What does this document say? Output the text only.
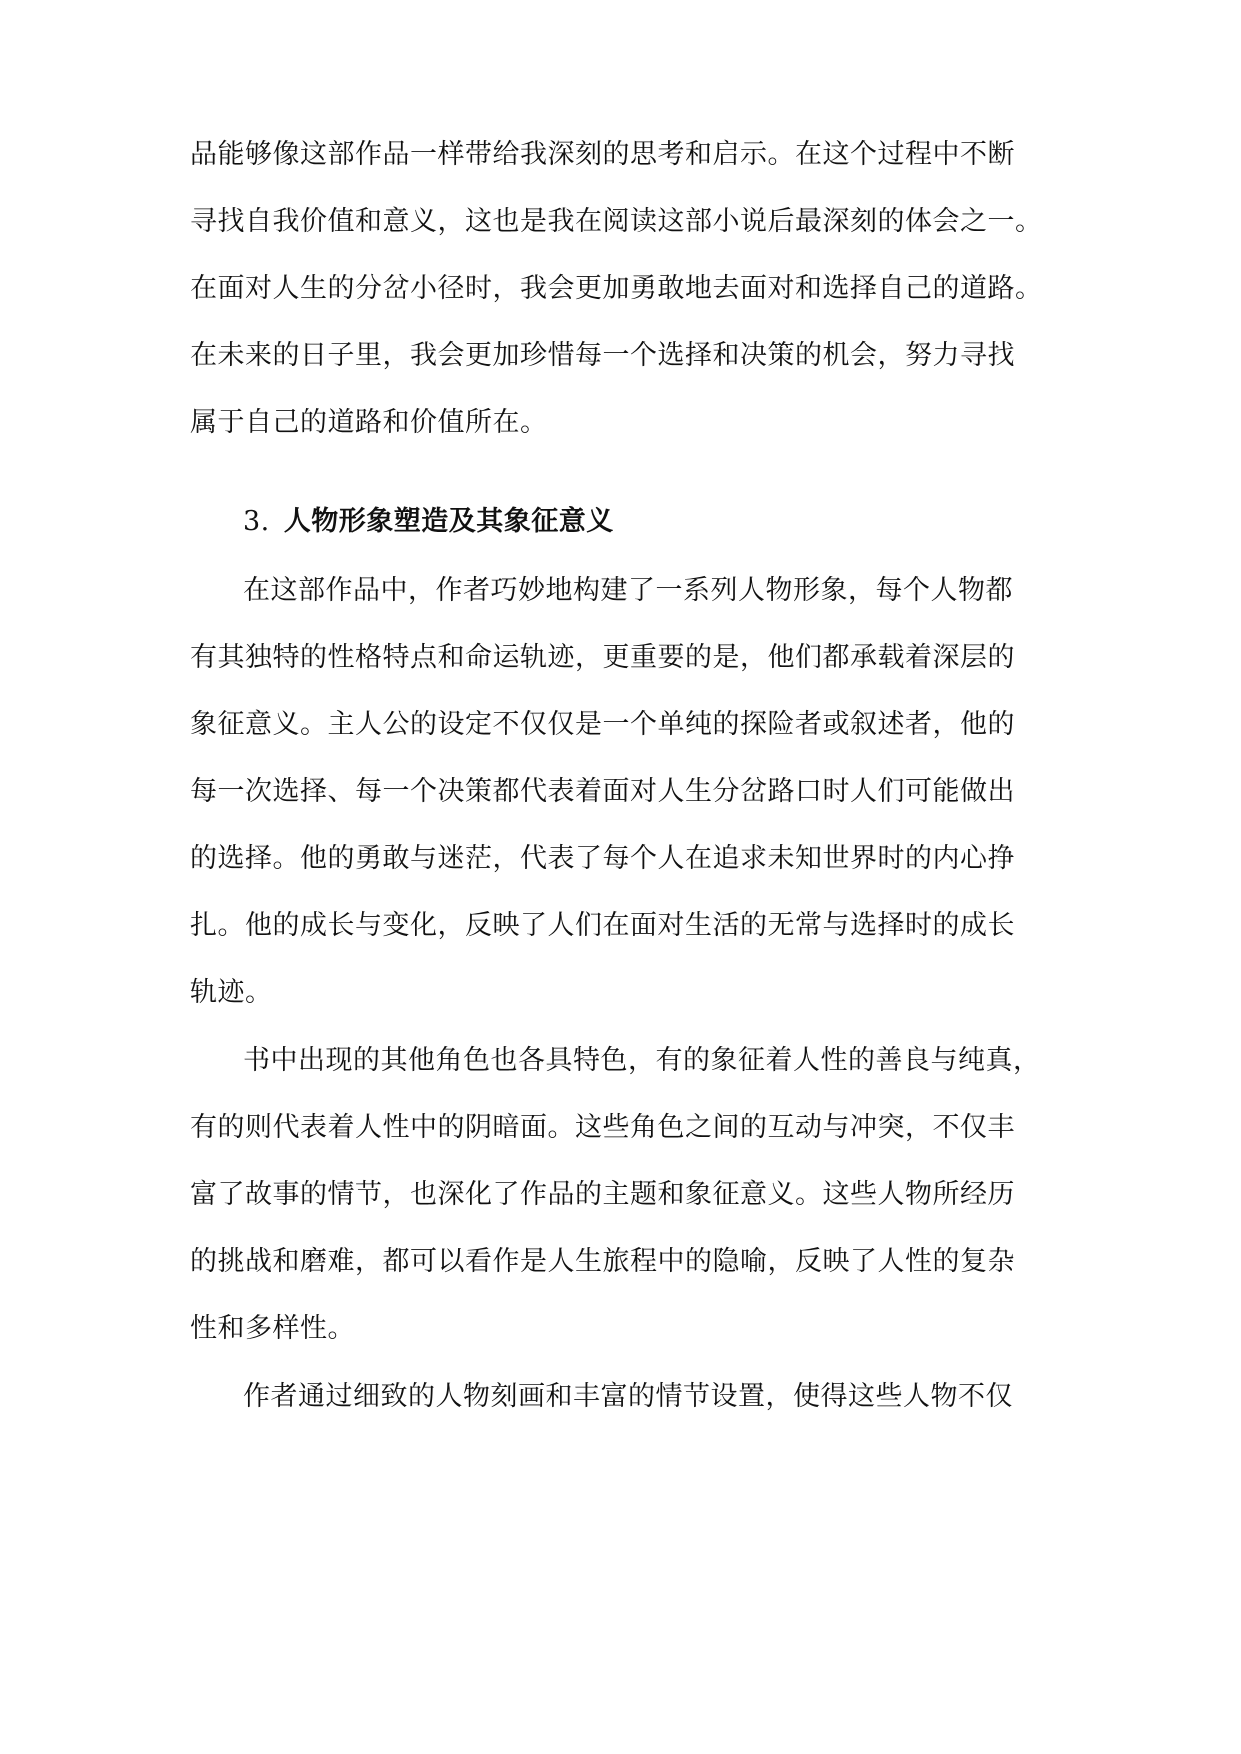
品能够像这部作品一样带给我深刻的思考和启示。在这个过程中不断
寻找自我价值和意义，这也是我在阅读这部小说后最深刻的体会之一。
在面对人生的分岔小径时，我会更加勇敢地去面对和选择自己的道路。
在未来的日子里，我会更加珍惜每一个选择和决策的机会，努力寻找
属于自己的道路和价值所在。
3. 人物形象塑造及其象征意义
在这部作品中，作者巧妙地构建了一系列人物形象，每个人物都
有其独特的性格特点和命运轨迹，更重要的是，他们都承载着深层的
象征意义。主人公的设定不仅仅是一个单纯的探险者或叙述者，他的
每一次选择、每一个决策都代表着面对人生分岔路口时人们可能做出
的选择。他的勇敢与迷茫，代表了每个人在追求未知世界时的内心挣
扎。他的成长与变化，反映了人们在面对生活的无常与选择时的成长
轨迹。
书中出现的其他角色也各具特色，有的象征着人性的善良与纯真，
有的则代表着人性中的阴暗面。这些角色之间的互动与冲突，不仅丰
富了故事的情节，也深化了作品的主题和象征意义。这些人物所经历
的挑战和磨难，都可以看作是人生旅程中的隐喻，反映了人性的复杂
性和多样性。
作者通过细致的人物刻画和丰富的情节设置，使得这些人物不仅
